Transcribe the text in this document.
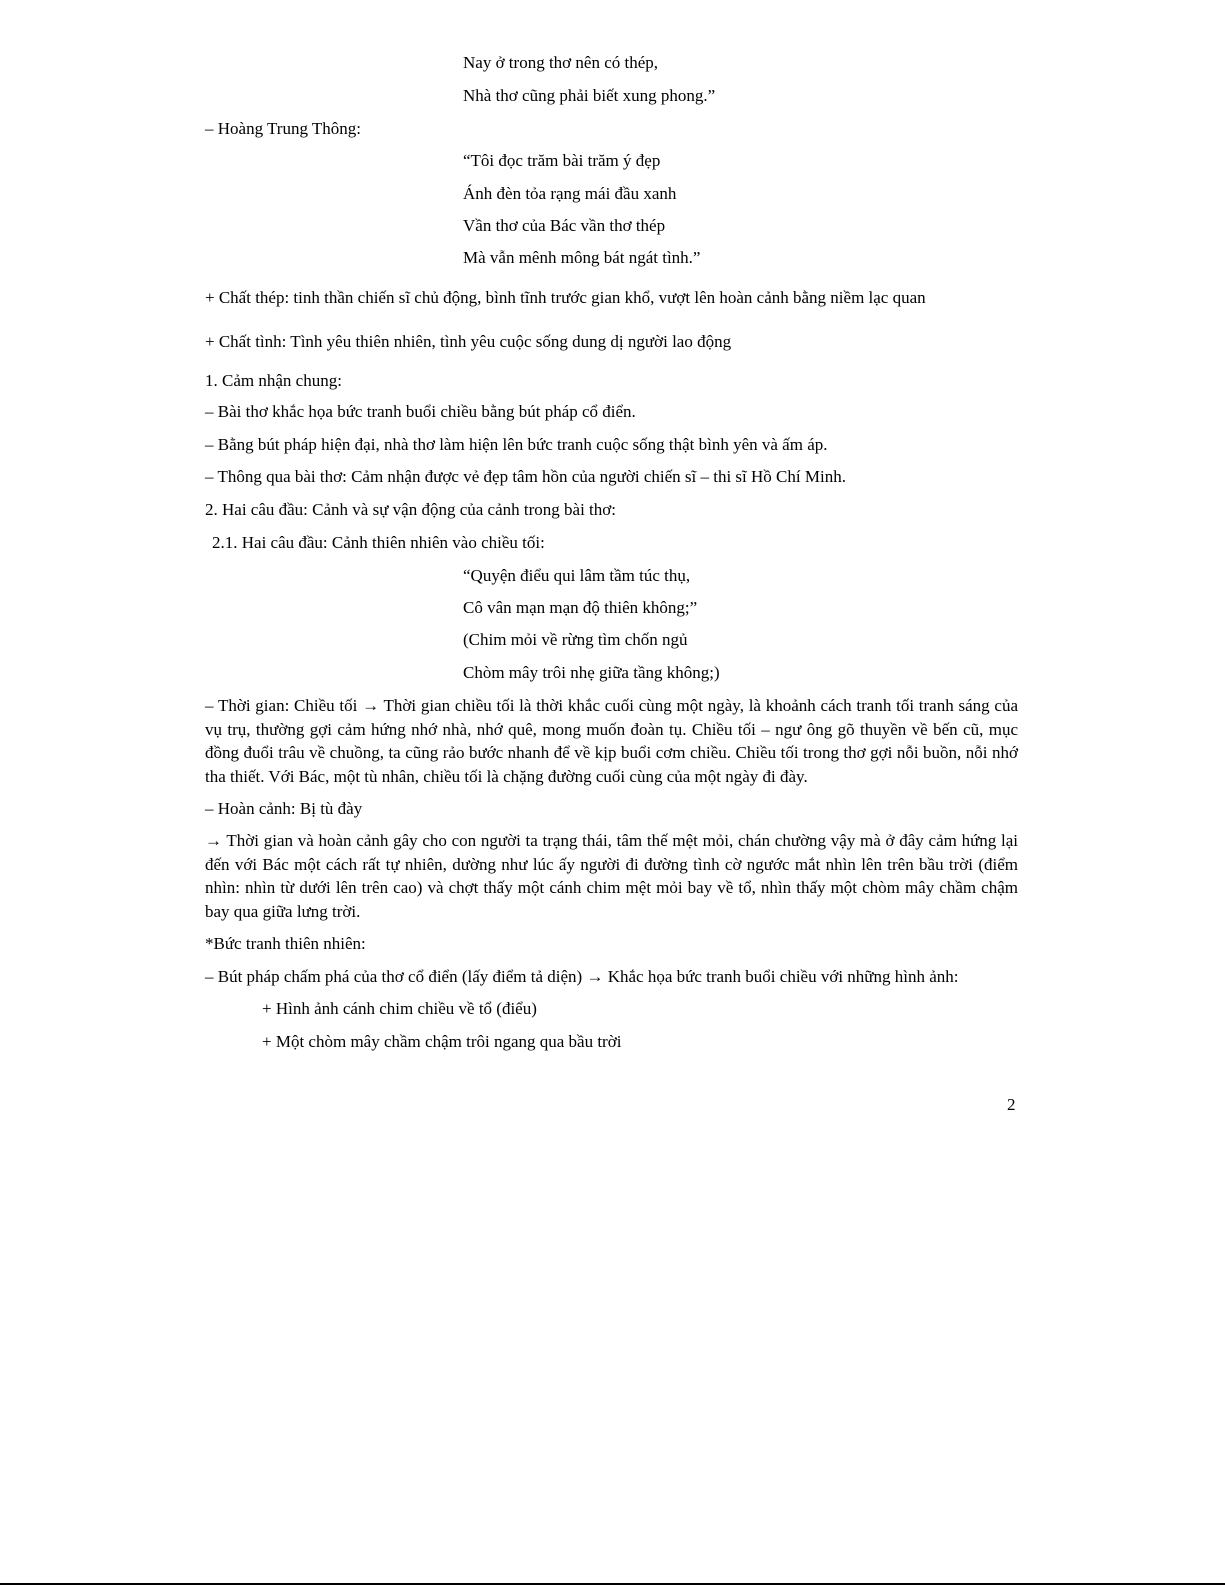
Nay ở trong thơ nên có thép,

Nhà thơ cũng phải biết xung phong.”

– Hoàng Trung Thông:

“Tôi đọc trăm bài trăm ý đẹp

Ánh đèn tỏa rạng mái đầu xanh

Vần thơ của Bác vần thơ thép

Mà vẫn mênh mông bát ngát tình.”

+ Chất thép: tinh thần chiến sĩ chủ động, bình tĩnh trước gian khổ, vượt lên hoàn cảnh bằng niềm lạc quan

+ Chất tình: Tình yêu thiên nhiên, tình yêu cuộc sống dung dị người lao động

1. Cảm nhận chung:

– Bài thơ khắc họa bức tranh buổi chiều bằng bút pháp cổ điển.

– Bằng bút pháp hiện đại, nhà thơ làm hiện lên bức tranh cuộc sống thật bình yên và ấm áp.

– Thông qua bài thơ: Cảm nhận được vẻ đẹp tâm hồn của người chiến sĩ – thi sĩ Hồ Chí Minh.

2. Hai câu đầu: Cảnh và sự vận động của cảnh trong bài thơ:

2.1. Hai câu đầu: Cảnh thiên nhiên vào chiều tối:

“Quyện điểu qui lâm tầm túc thụ,

Cô vân mạn mạn độ thiên không;”

(Chim mỏi về rừng tìm chốn ngủ

Chòm mây trôi nhẹ giữa tầng không;)

– Thời gian: Chiều tối → Thời gian chiều tối là thời khắc cuối cùng một ngày, là khoảnh cách tranh tối tranh sáng của vụ trụ, thường gợi cảm hứng nhớ nhà, nhớ quê, mong muốn đoàn tụ. Chiều tối – ngư ông gõ thuyền về bến cũ, mục đồng đuổi trâu về chuồng, ta cũng rảo bước nhanh để về kịp buổi cơm chiều. Chiều tối trong thơ gợi nỗi buồn, nỗi nhớ tha thiết. Với Bác, một tù nhân, chiều tối là chặng đường cuối cùng của một ngày đi đày.

– Hoàn cảnh: Bị tù đày

→ Thời gian và hoàn cảnh gây cho con người ta trạng thái, tâm thế mệt mỏi, chán chường vậy mà ở đây cảm hứng lại đến với Bác một cách rất tự nhiên, dường như lúc ấy người đi đường tình cờ ngước mắt nhìn lên trên bầu trời (điểm nhìn: nhìn từ dưới lên trên cao) và chợt thấy một cánh chim mệt mỏi bay về tổ, nhìn thấy một chòm mây chầm chậm bay qua giữa lưng trời.

*Bức tranh thiên nhiên:

– Bút pháp chấm phá của thơ cổ điển (lấy điểm tả diện) → Khắc họa bức tranh buổi chiều với những hình ảnh:

+ Hình ảnh cánh chim chiều về tổ (điểu)

+ Một chòm mây chầm chậm trôi ngang qua bầu trời

2
